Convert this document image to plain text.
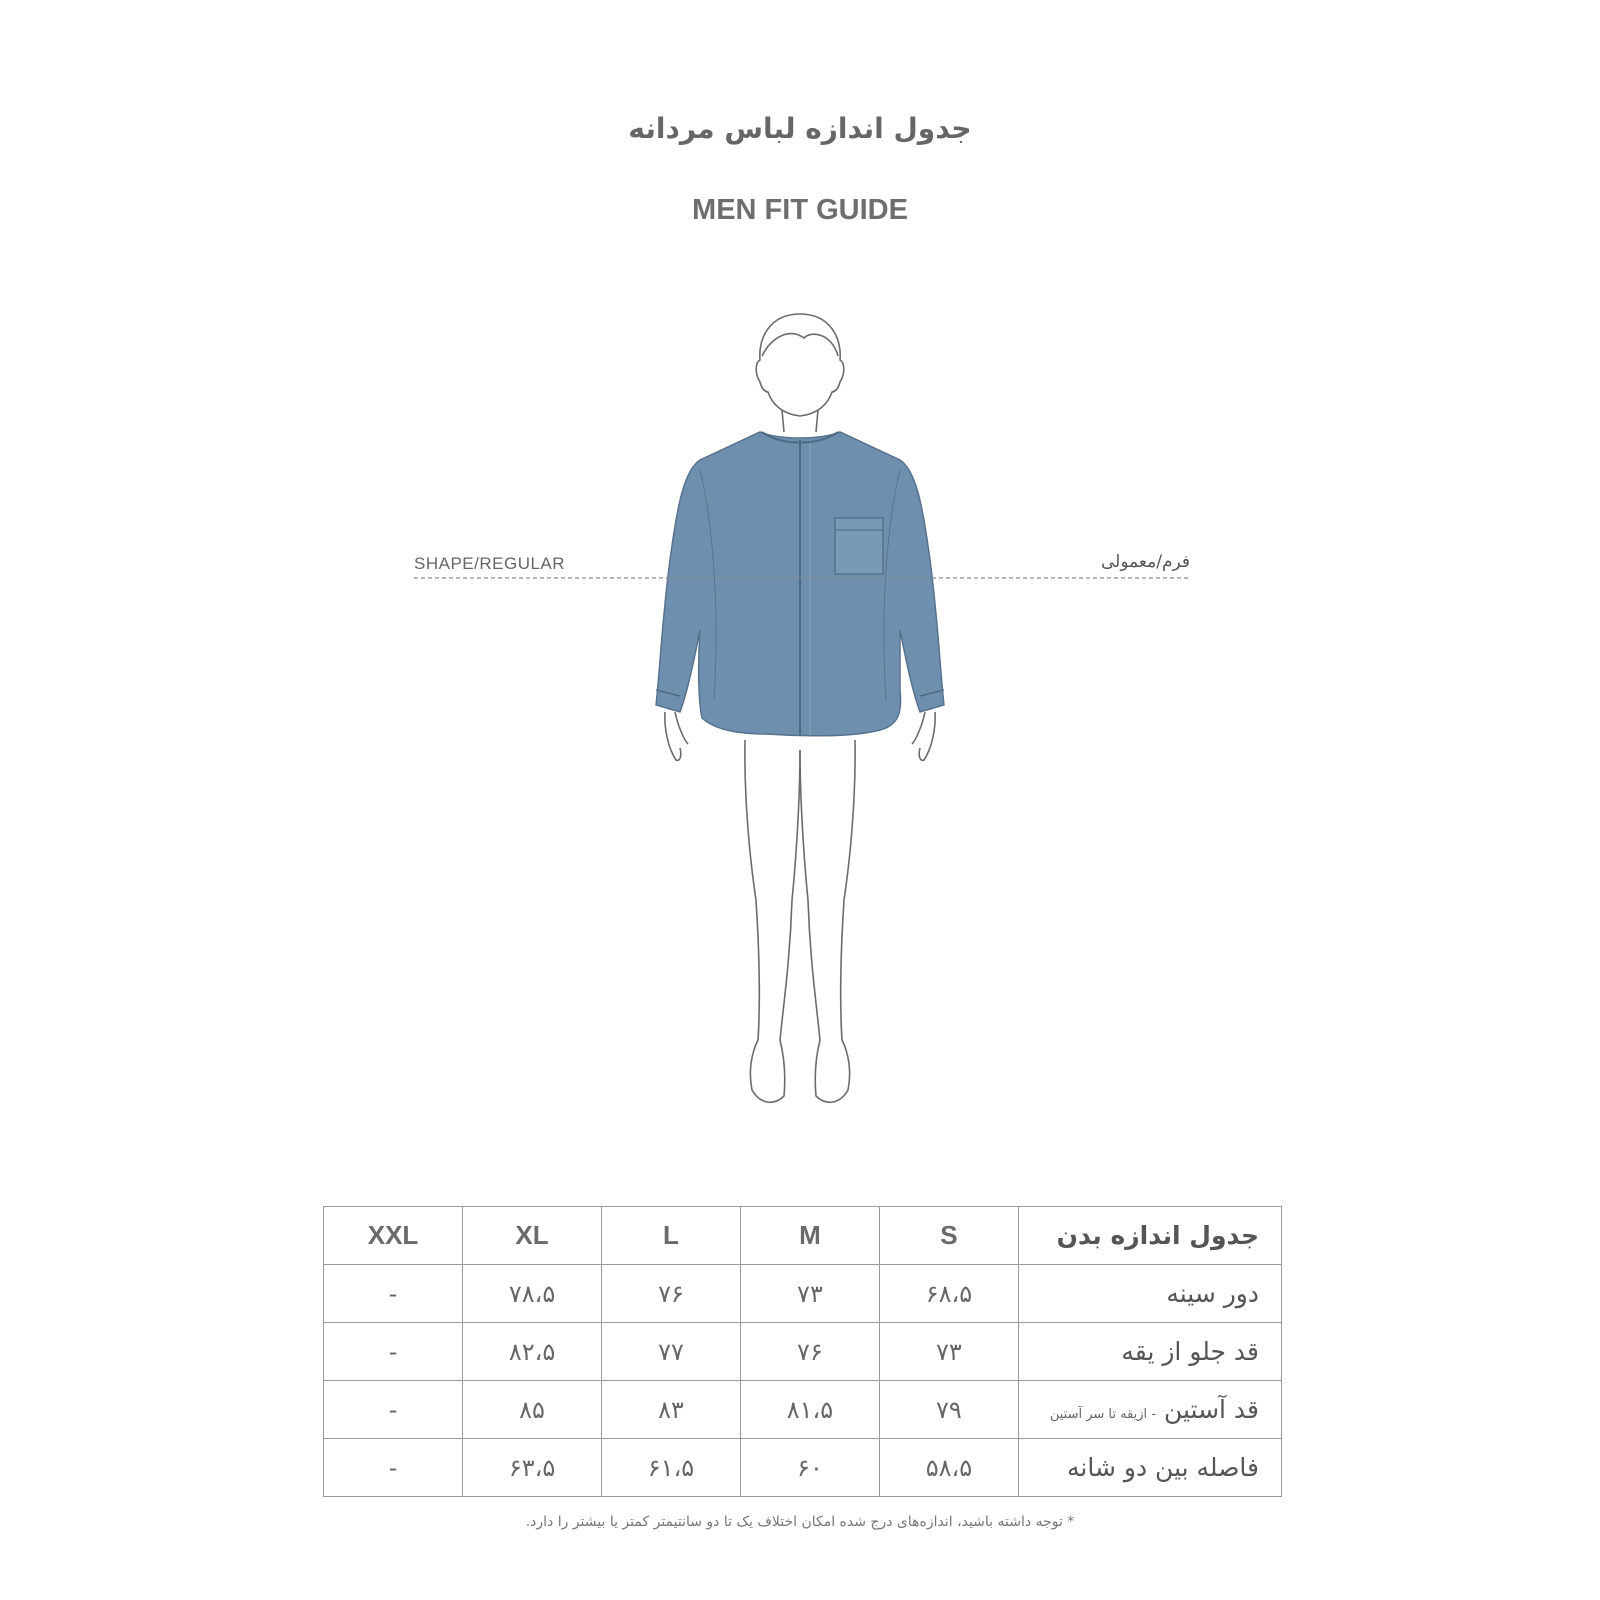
جدول اندازه لباس مردانه
MEN FIT GUIDE
SHAPE/REGULAR	فرم/معمولی
جدول اندازه بدن	S	M	L	XL	XXL
دور سینه	۶۸،۵	۷۳	۷۶	۷۸،۵	-
قد جلو از یقه	۷۳	۷۶	۷۷	۸۲،۵	-
قد آستین - ازیقه تا سر آستین	۷۹	۸۱،۵	۸۳	۸۵	-
فاصله بین دو شانه	۵۸،۵	۶۰	۶۱،۵	۶۳،۵	-
* توجه داشته باشید، اندازه‌های درج شده امکان اختلاف یک تا دو سانتیمتر کمتر یا بیشتر را دارد.
